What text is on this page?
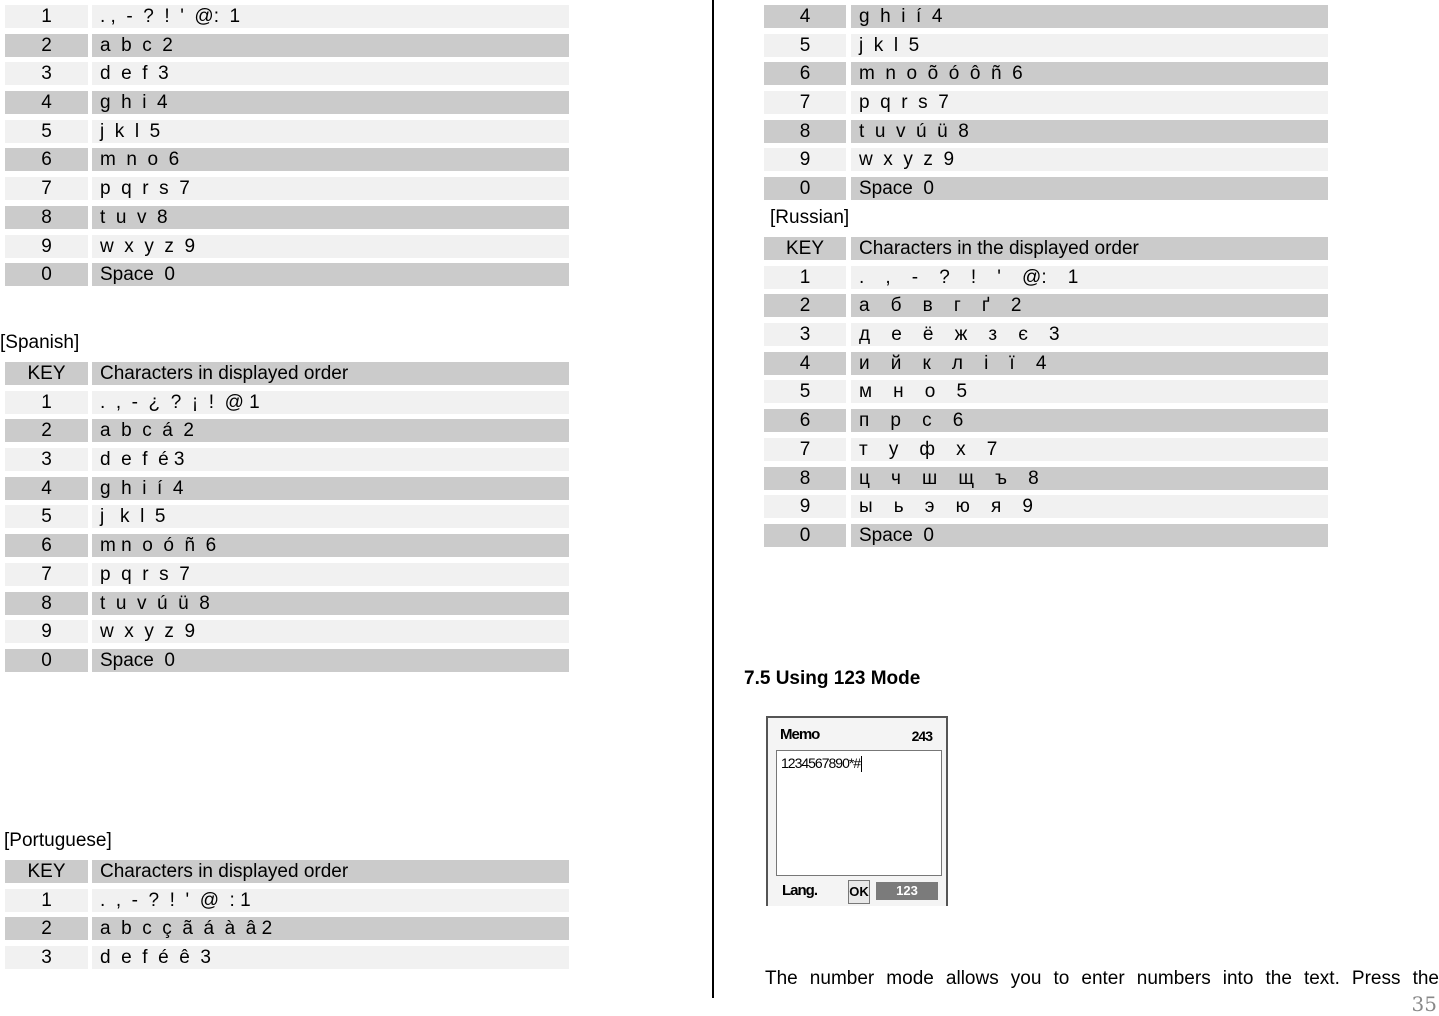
1	. ,  -  ?  !  '  @:  1
2	a  b  c  2
3	d  e  f  3
4	g  h  i  4
5	j  k  l  5
6	m  n  o  6
7	p  q  r  s  7
8	t  u  v  8
9	w  x  y  z  9
0	Space  0
[Spanish]
KEY	Characters in displayed order
1	.  ,  -  ¿  ?  ¡  !  @ 1
2	a  b  c  á  2
3	d  e  f  é 3
4	g  h  i  í  4
5	j   k  l  5
6	m n  o  ó  ñ  6
7	p  q  r  s  7
8	t  u  v  ú  ü  8
9	w  x  y  z  9
0	Space  0
[Portuguese]
KEY	Characters in displayed order
1	.  ,  -  ?  !  '  @  : 1
2	a  b  c  ç  ã  á  à  â 2
3	d  e  f  é  ê  3
4	g  h  i  í  4
5	j  k  l  5
6	m  n  o  õ  ó  ô  ñ  6
7	p  q  r  s  7
8	t  u  v  ú  ü  8
9	w  x  y  z  9
0	Space  0
[Russian]
KEY	Characters in the displayed order
1	.    ,    -    ?    !    '    @:    1
2	а    б    в    г    ґ    2
3	д    е    ё    ж    з    є    3
4	и    й    к    л    і    ї    4
5	м    н    о    5
6	п    р    с    6
7	т    у    ф    х    7
8	ц    ч    ш    щ    ъ    8
9	ы    ь    э    ю    я    9
0	Space  0
7.5 Using 123 Mode
Memo	243
1234567890*#
Lang. OK	123
The number mode allows you to enter numbers into the text. Press the
35
